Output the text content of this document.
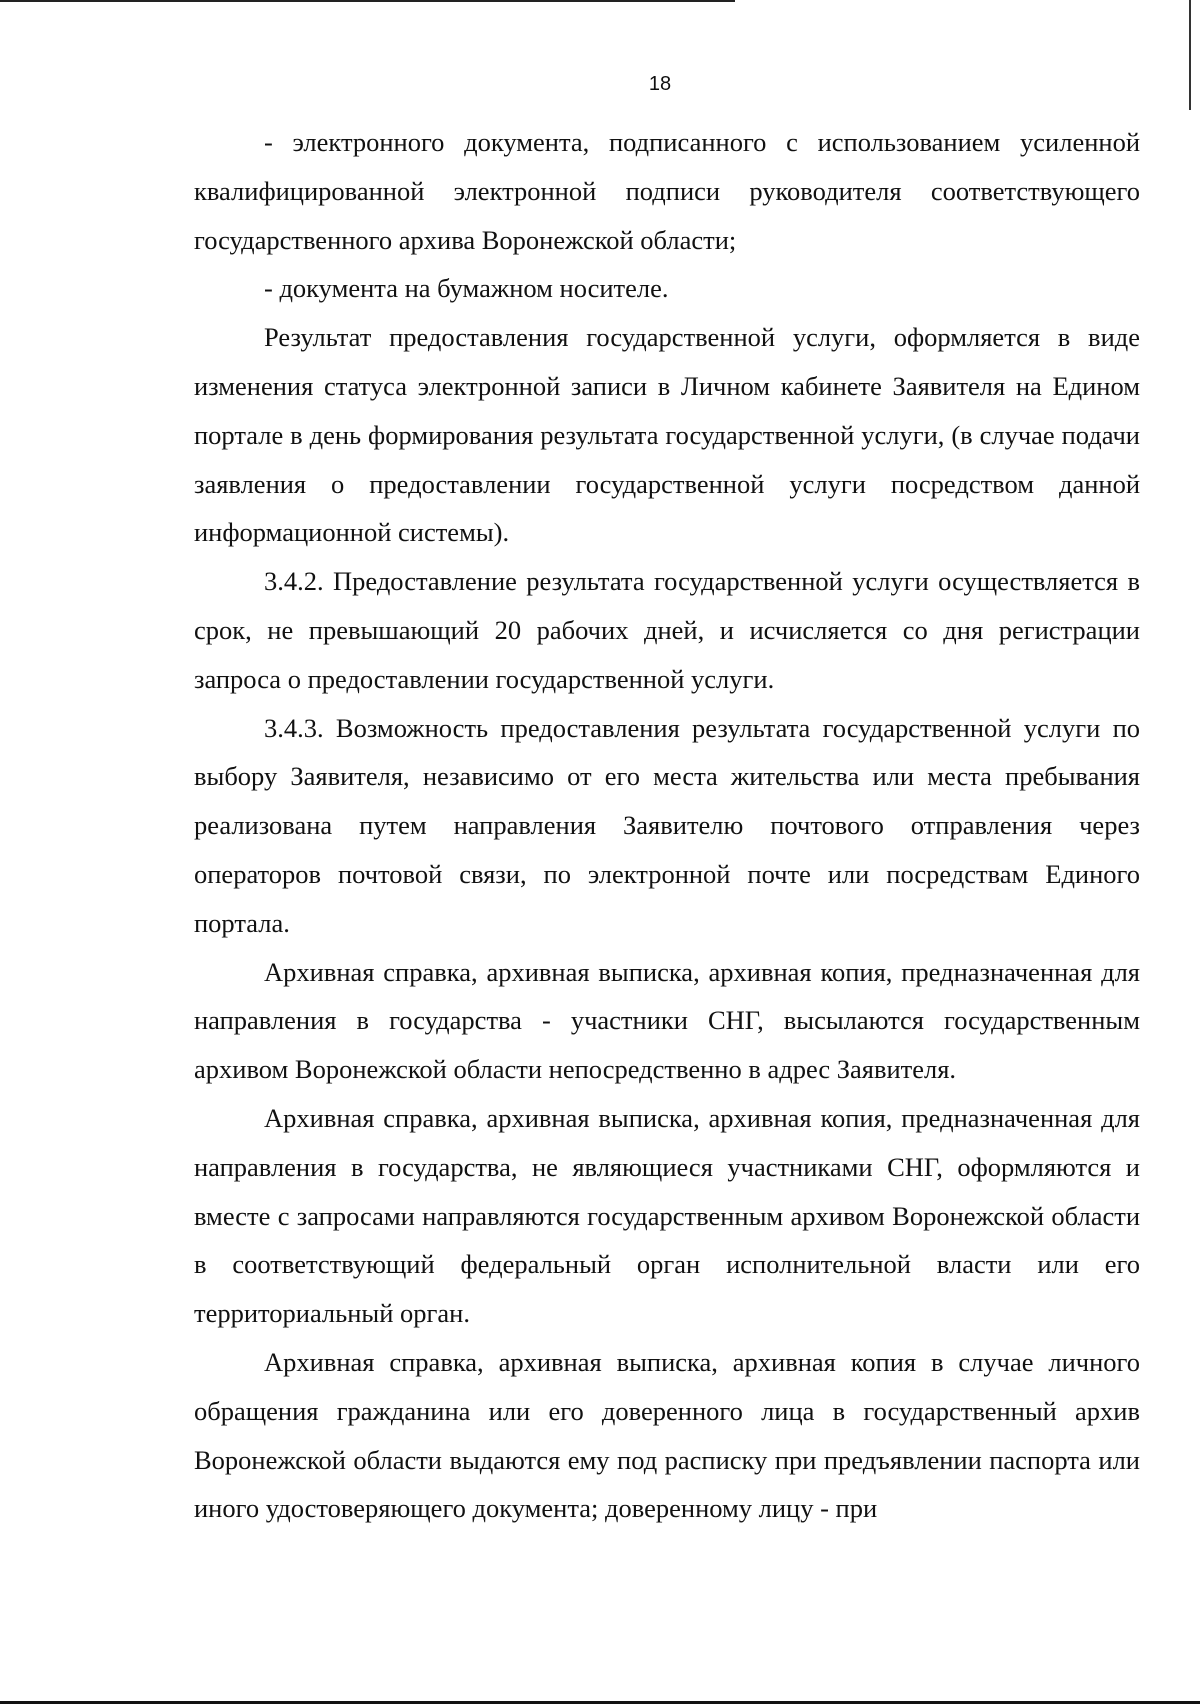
18

- электронного документа, подписанного с использованием усиленной квалифицированной электронной подписи руководителя соответствующего государственного архива Воронежской области;

- документа на бумажном носителе.

Результат предоставления государственной услуги, оформляется в виде изменения статуса электронной записи в Личном кабинете Заявителя на Едином портале в день формирования результата государственной услуги, (в случае подачи заявления о предоставлении государственной услуги посредством данной информационной системы).

3.4.2. Предоставление результата государственной услуги осуществляется в срок, не превышающий 20 рабочих дней, и исчисляется со дня регистрации запроса о предоставлении государственной услуги.

3.4.3. Возможность предоставления результата государственной услуги по выбору Заявителя, независимо от его места жительства или места пребывания реализована путем направления Заявителю почтового отправления через операторов почтовой связи, по электронной почте или посредствам Единого портала.

Архивная справка, архивная выписка, архивная копия, предназначенная для направления в государства - участники СНГ, высылаются государственным архивом Воронежской области непосредственно в адрес Заявителя.

Архивная справка, архивная выписка, архивная копия, предназначенная для направления в государства, не являющиеся участниками СНГ, оформляются и вместе с запросами направляются государственным архивом Воронежской области в соответствующий федеральный орган исполнительной власти или его территориальный орган.

Архивная справка, архивная выписка, архивная копия в случае личного обращения гражданина или его доверенного лица в государственный архив Воронежской области выдаются ему под расписку при предъявлении паспорта или иного удостоверяющего документа; доверенному лицу - при
